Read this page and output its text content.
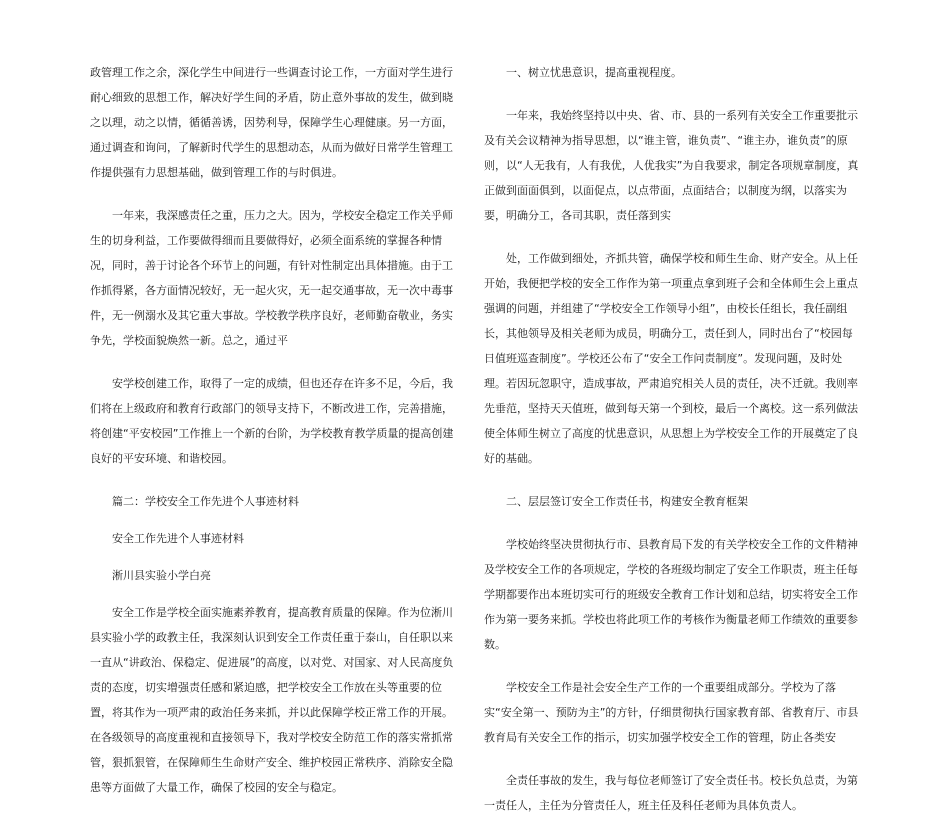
政管理工作之余，深化学生中间进行一些调查讨论工作，一方面对学生进行耐心细致的思想工作，解决好学生间的矛盾，防止意外事故的发生，做到晓之以理，动之以情，循循善诱，因势利导，保障学生心理健康。另一方面，通过调查和询问，了解新时代学生的思想动态，从而为做好日常学生管理工作提供强有力思想基础，做到管理工作的与时俱进。

一年来，我深感责任之重，压力之大。因为，学校安全稳定工作关乎师生的切身利益，工作要做得细而且要做得好，必须全面系统的掌握各种情况，同时，善于讨论各个环节上的问题，有针对性制定出具体措施。由于工作抓得紧，各方面情况较好，无一起火灾，无一起交通事故，无一次中毒事件，无一例溺水及其它重大事故。学校教学秩序良好，老师勤奋敬业，务实争先，学校面貌焕然一新。总之，通过平

安学校创建工作，取得了一定的成绩，但也还存在许多不足，今后，我们将在上级政府和教育行政部门的领导支持下，不断改进工作，完善措施，将创建“平安校园”工作推上一个新的台阶，为学校教育教学质量的提高创建良好的平安环境、和谐校园。

篇二：学校安全工作先进个人事迹材料

安全工作先进个人事迹材料

淅川县实验小学白亮

安全工作是学校全面实施素养教育，提高教育质量的保障。作为位淅川县实验小学的政教主任，我深刻认识到安全工作责任重于泰山，自任职以来一直从“讲政治、保稳定、促进展”的高度，以对党、对国家、对人民高度负责的态度，切实增强责任感和紧迫感，把学校安全工作放在头等重要的位置，将其作为一项严肃的政治任务来抓，并以此保障学校正常工作的开展。在各级领导的高度重视和直接领导下，我对学校安全防范工作的落实常抓常管，狠抓狠管，在保障师生生命财产安全、维护校园正常秩序、消除安全隐患等方面做了大量工作，确保了校园的安全与稳定。

一、树立忧患意识，提高重视程度。

一年来，我始终坚持以中央、省、市、县的一系列有关安全工作重要批示及有关会议精神为指导思想，以“谁主管，谁负责”、“谁主办，谁负责”的原则，以“人无我有，人有我优，人优我实”为自我要求，制定各项规章制度，真正做到面面俱到，以面促点，以点带面，点面结合；以制度为纲，以落实为要，明确分工，各司其职，责任落到实

处，工作做到细处，齐抓共管，确保学校和师生生命、财产安全。从上任开始，我便把学校的安全工作作为第一项重点拿到班子会和全体师生会上重点强调的问题，并组建了“学校安全工作领导小组”，由校长任组长，我任副组长，其他领导及相关老师为成员，明确分工，责任到人，同时出台了“校园每日值班巡查制度”。学校还公布了“安全工作问责制度”。发现问题，及时处理。若因玩忽职守，造成事故，严肃追究相关人员的责任，决不迁就。我则率先垂范，坚持天天值班，做到每天第一个到校，最后一个离校。这一系列做法使全体师生树立了高度的忧患意识，从思想上为学校安全工作的开展奠定了良好的基础。

二、层层签订安全工作责任书，构建安全教育框架

学校始终坚决贯彻执行市、县教育局下发的有关学校安全工作的文件精神及学校安全工作的各项规定，学校的各班级均制定了安全工作职责，班主任每学期都要作出本班切实可行的班级安全教育工作计划和总结，切实将安全工作作为第一要务来抓。学校也将此项工作的考核作为衡量老师工作绩效的重要参数。

学校安全工作是社会安全生产工作的一个重要组成部分。学校为了落实“安全第一、预防为主”的方针，仔细贯彻执行国家教育部、省教育厅、市县教育局有关安全工作的指示，切实加强学校安全工作的管理，防止各类安

全责任事故的发生，我与每位老师签订了安全责任书。校长负总责，为第一责任人，主任为分管责任人，班主任及科任老师为具体负责人。
